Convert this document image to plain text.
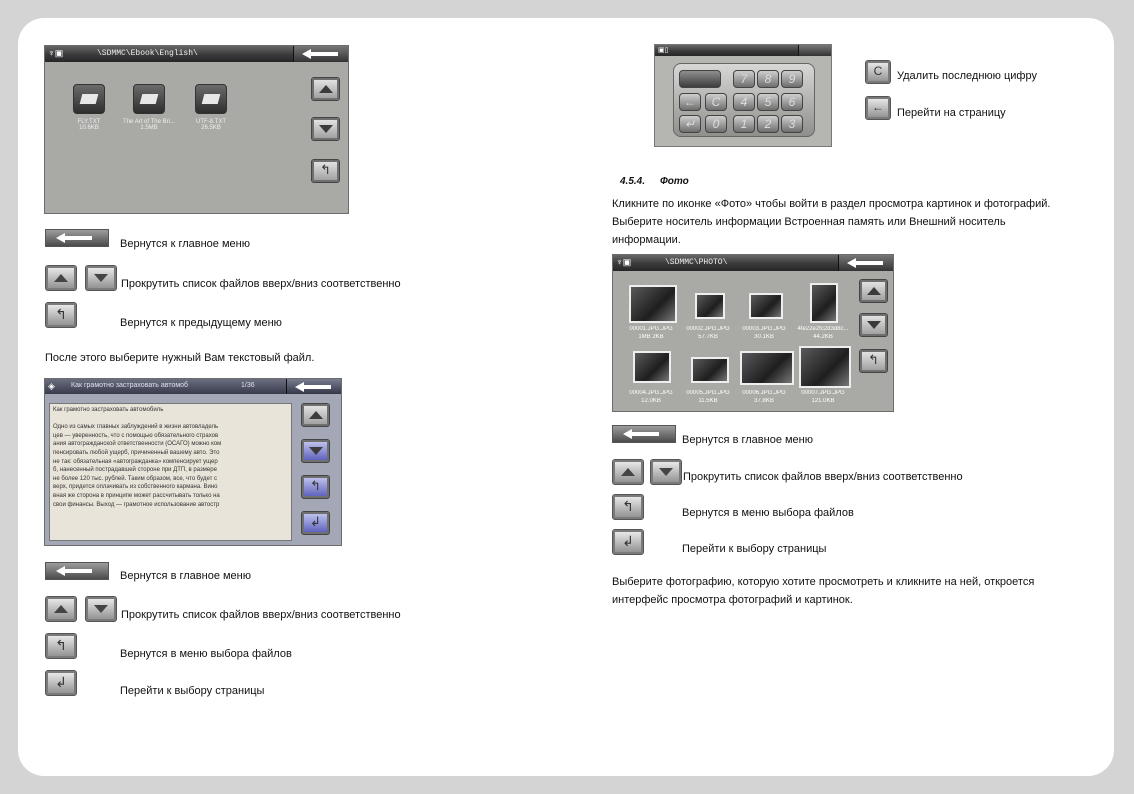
♆▣	\SDMMC\Ebook\English\
FLY.TXT
10.6KB
The Art of The Bri...
1.5MB
UTF-8.TXT
26.5KB
↰
Вернутся к главное меню
Прокрутить список файлов вверх/вниз соответственно
↰
Вернутся к предыдущему меню
После этого выберите нужный Вам текстовый файл.
◈ Как грамотно застраховать автомоб	1/36
Как грамотно застраховать автомобиль

Одно из самых главных заблуждений в жизни автовладель
цев — уверенность, что с помощью обязательного страхов
ания автогражданской ответственности (ОСАГО) можно ком
пенсировать любой ущерб, причиненный вашему авто. Это
не так: обязательная «автогражданка» компенсирует ущер
б, нанесенный пострадавшей стороне при ДТП, в размере
не более 120 тыс. рублей. Таким образом, все, что будет с
верх, придется оплачивать из собственного кармана. Вино
вная же сторона в принципе может рассчитывать только на
свои финансы. Выход — грамотное использование автостр
↰
↲
Вернутся в главное меню
Прокрутить список файлов вверх/вниз соответственно
↰
Вернутся в меню выбора файлов
↲
Перейти к выбору страницы
▣▯
7	8	9
←	C	4	5	6
↵	0	1	2	3
C	Удалить последнюю цифру
←	Перейти на страницу
4.5.4. Фото
Кликните по иконке «Фото» чтобы войти в раздел просмотра картинок и фотографий.
Выберите носитель информации Встроенная память или Внешний носитель
информации.
♆▣	\SDMMC\PHOTO\
00001.JPG.JPG
1MB 2KB
00002.JPG.JPG
57.7KB
00003.JPG.JPG
30.1KB
4fe22e2fc2d3d8c...
44.2KB
00004.JPG.JPG
12.0KB
00005.JPG.JPG
11.5KB
00006.JPG.JPG
37.8KB
00007.JPG.JPG
121.0KB
↰
Вернутся в главное меню
Прокрутить список файлов вверх/вниз соответственно
↰	Вернутся в меню выбора файлов
↲	Перейти к выбору страницы
Выберите фотографию, которую хотите просмотреть и кликните на ней, откроется
интерфейс просмотра фотографий и картинок.
